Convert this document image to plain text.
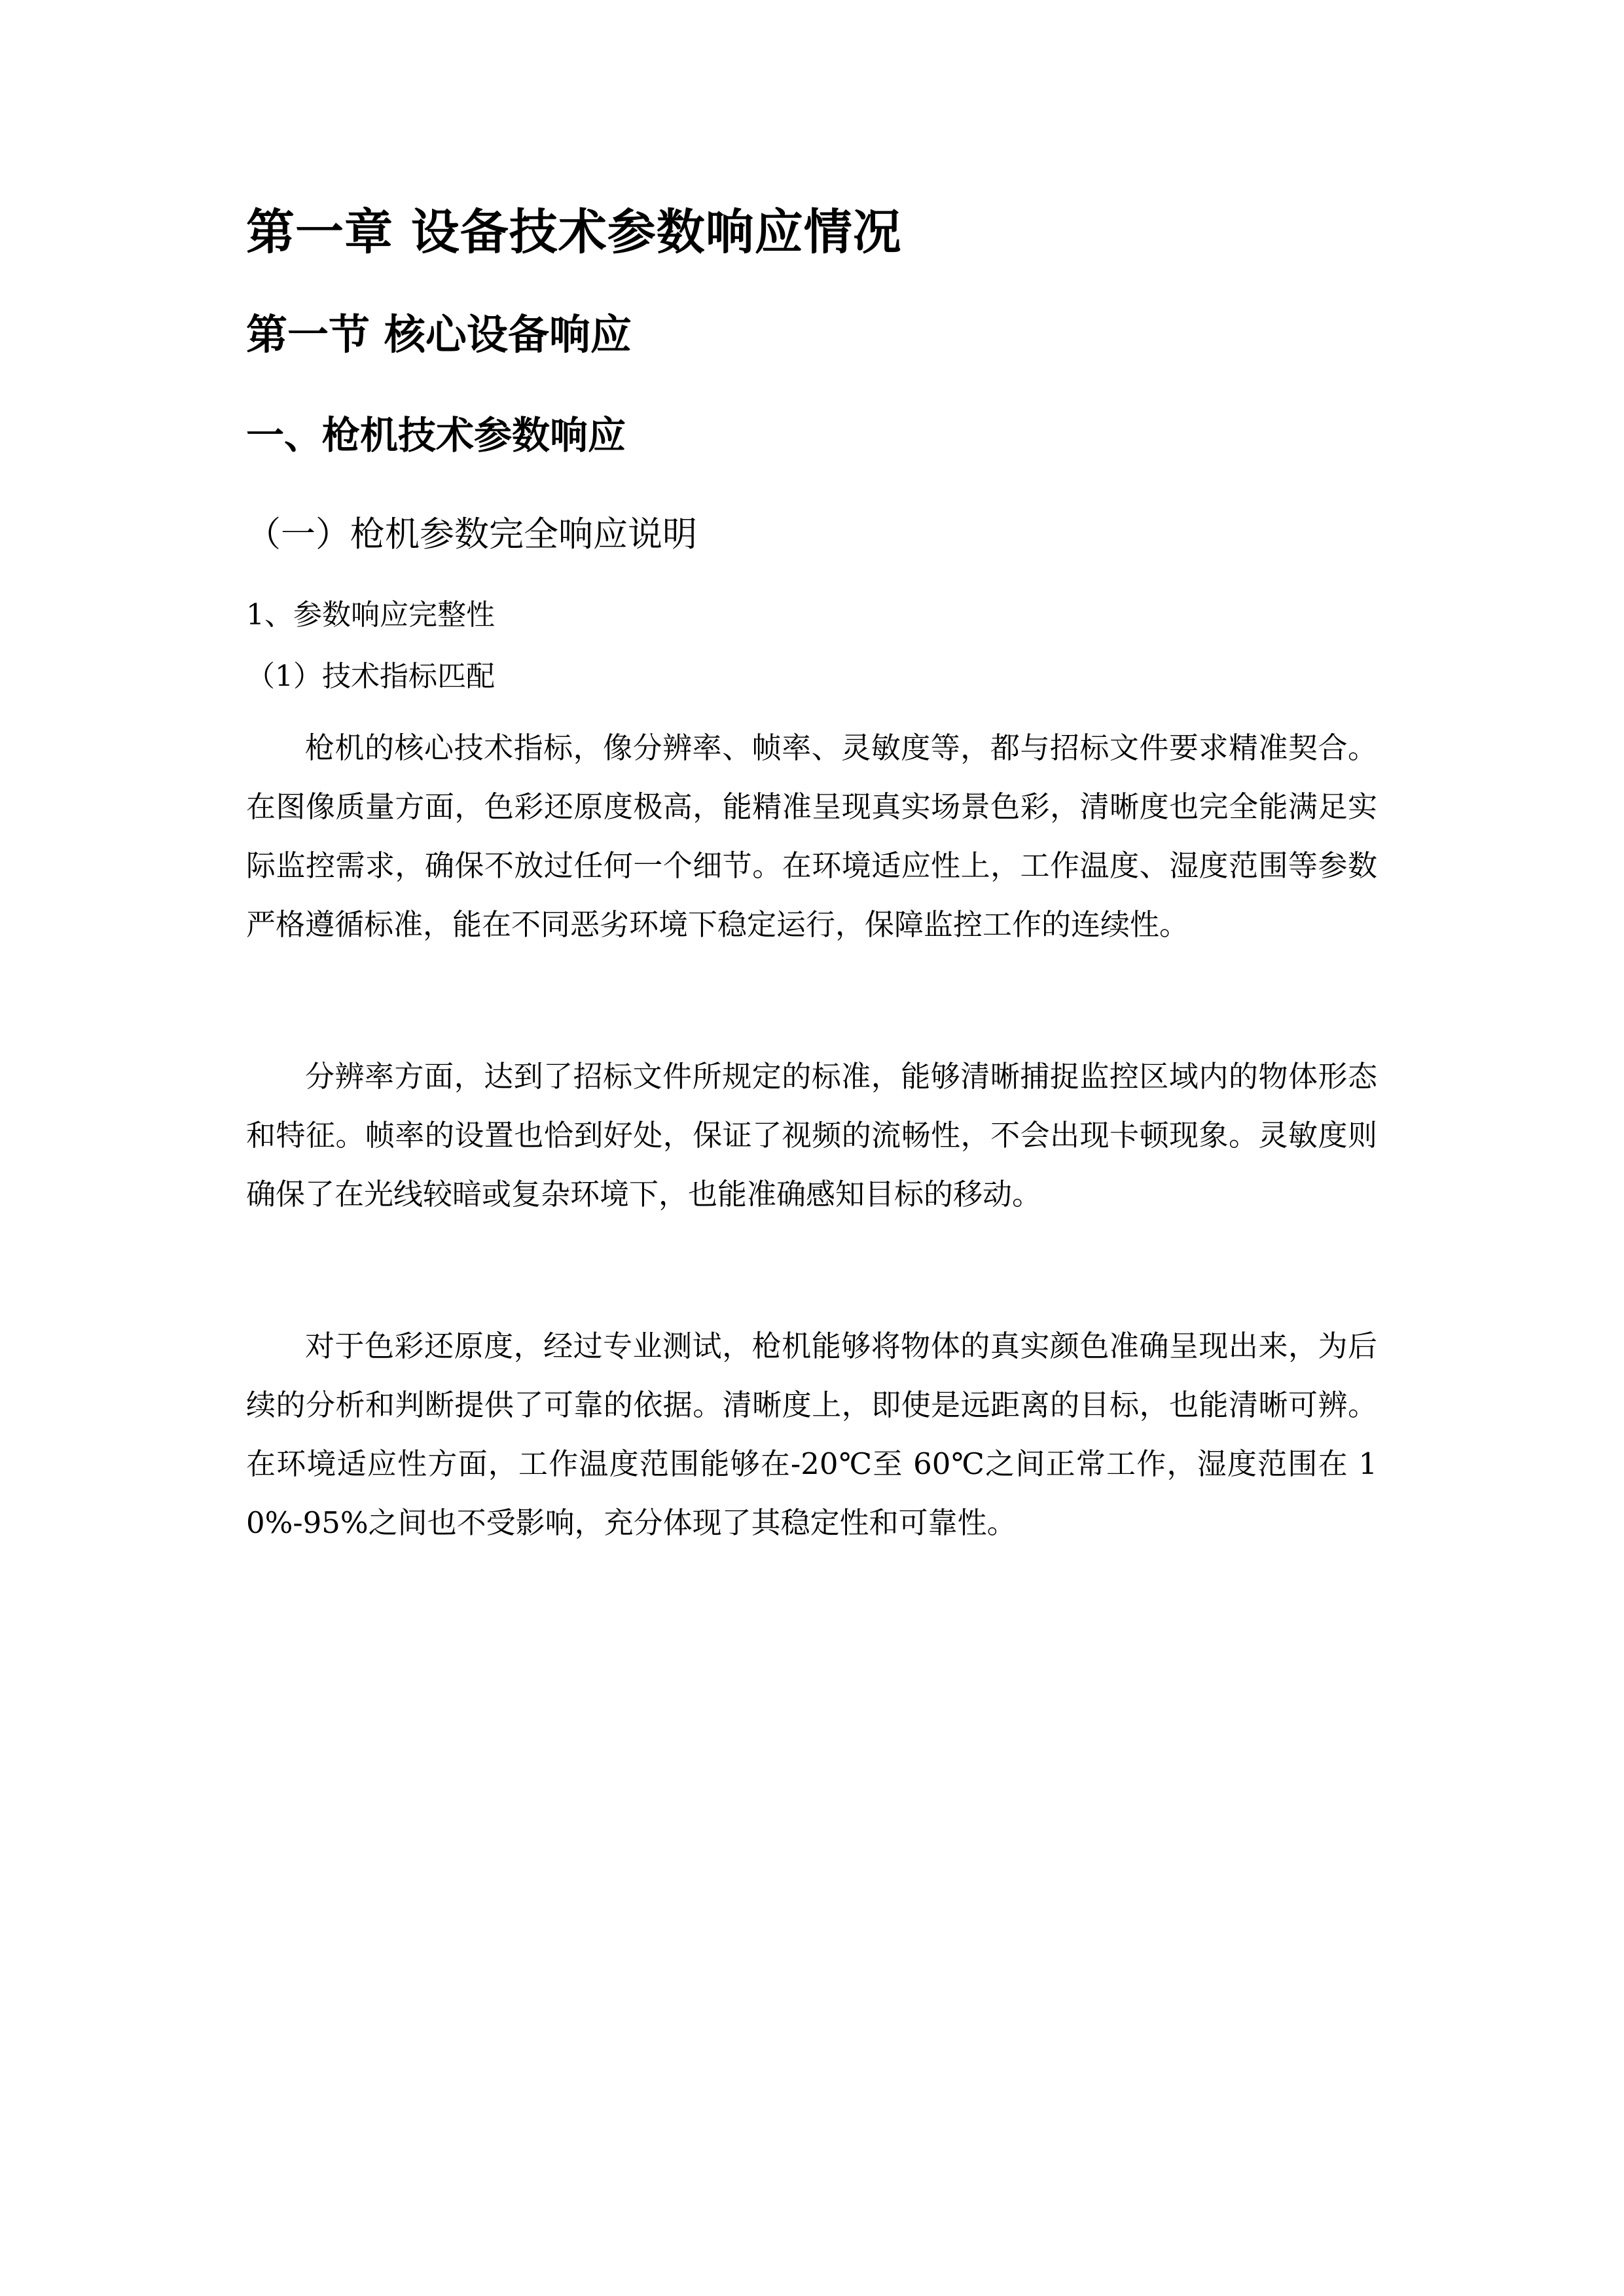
第一章 设备技术参数响应情况
第一节 核心设备响应
一、枪机技术参数响应
（一）枪机参数完全响应说明
1、参数响应完整性
（1）技术指标匹配

枪机的核心技术指标，像分辨率、帧率、灵敏度等，都与招标文件要求精准契合。在图像质量方面，色彩还原度极高，能精准呈现真实场景色彩，清晰度也完全能满足实际监控需求，确保不放过任何一个细节。在环境适应性上，工作温度、湿度范围等参数严格遵循标准，能在不同恶劣环境下稳定运行，保障监控工作的连续性。

分辨率方面，达到了招标文件所规定的标准，能够清晰捕捉监控区域内的物体形态和特征。帧率的设置也恰到好处，保证了视频的流畅性，不会出现卡顿现象。灵敏度则确保了在光线较暗或复杂环境下，也能准确感知目标的移动。

对于色彩还原度，经过专业测试，枪机能够将物体的真实颜色准确呈现出来，为后续的分析和判断提供了可靠的依据。清晰度上，即使是远距离的目标，也能清晰可辨。在环境适应性方面，工作温度范围能够在-20℃至 60℃之间正常工作，湿度范围在 10%-95%之间也不受影响，充分体现了其稳定性和可靠性。
